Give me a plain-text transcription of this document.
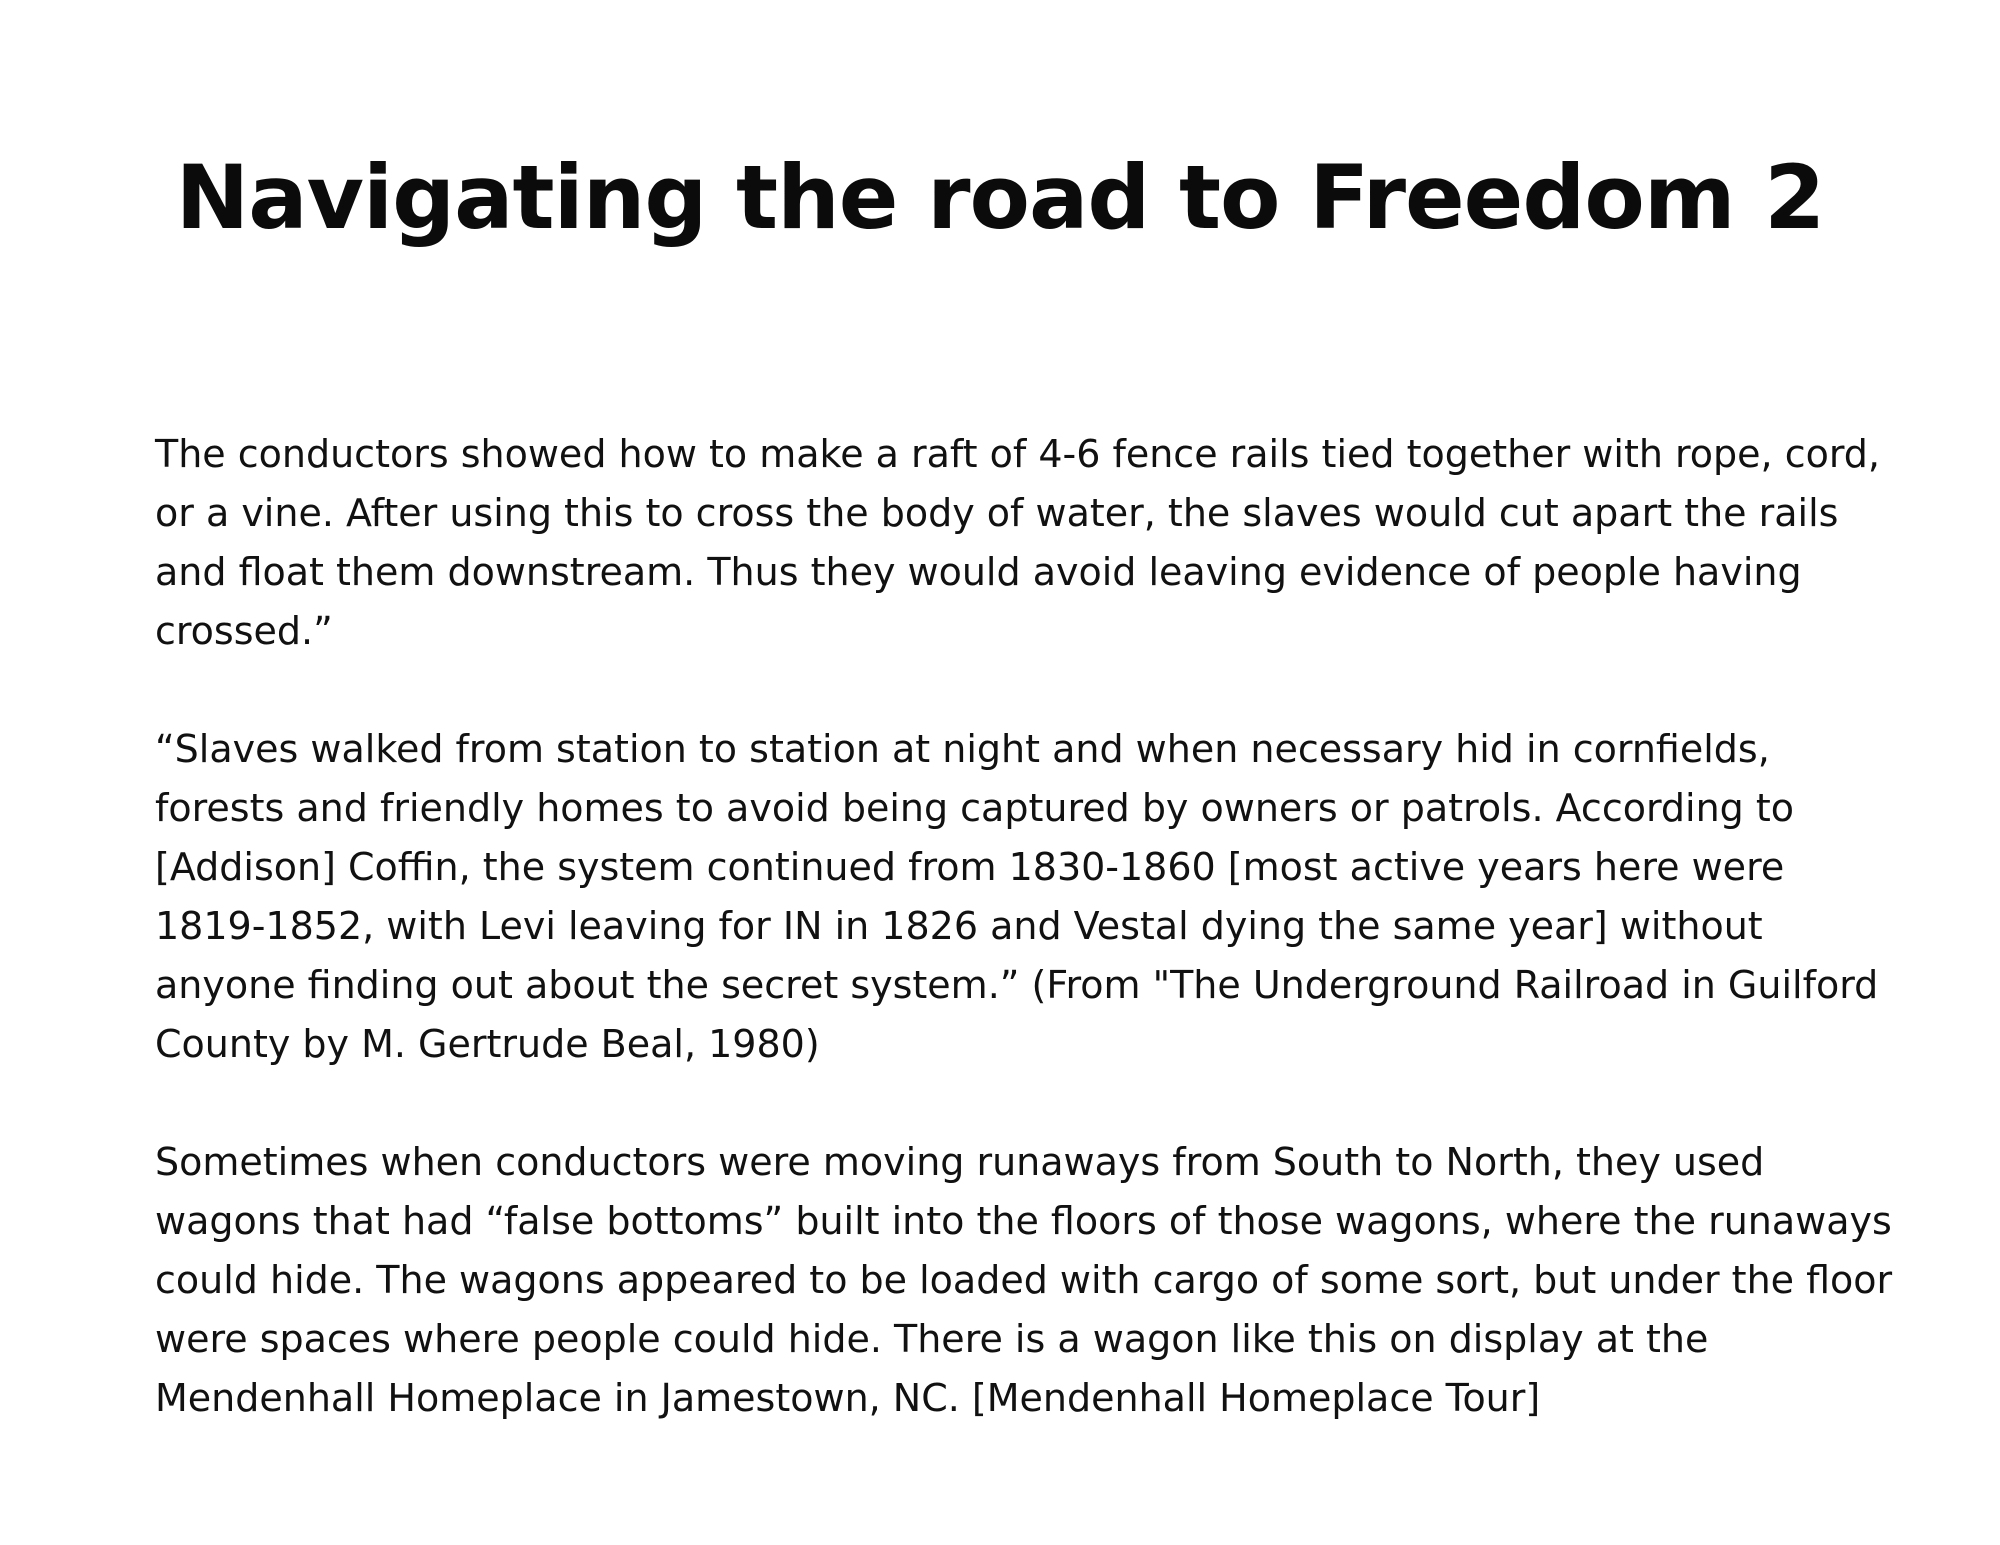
Navigating the road to Freedom 2

The conductors showed how to make a raft of 4-6 fence rails tied together with rope, cord, or a vine. After using this to cross the body of water, the slaves would cut apart the rails and float them downstream. Thus they would avoid leaving evidence of people having crossed.”

“Slaves walked from station to station at night and when necessary hid in cornfields, forests and friendly homes to avoid being captured by owners or patrols. According to [Addison] Coffin, the system continued from 1830-1860 [most active years here were 1819-1852, with Levi leaving for IN in 1826 and Vestal dying the same year] without anyone finding out about the secret system.” (From "The Underground Railroad in Guilford County by M. Gertrude Beal, 1980)

Sometimes when conductors were moving runaways from South to North, they used wagons that had “false bottoms” built into the floors of those wagons, where the runaways could hide. The wagons appeared to be loaded with cargo of some sort, but under the floor were spaces where people could hide. There is a wagon like this on display at the Mendenhall Homeplace in Jamestown, NC. [Mendenhall Homeplace Tour]
